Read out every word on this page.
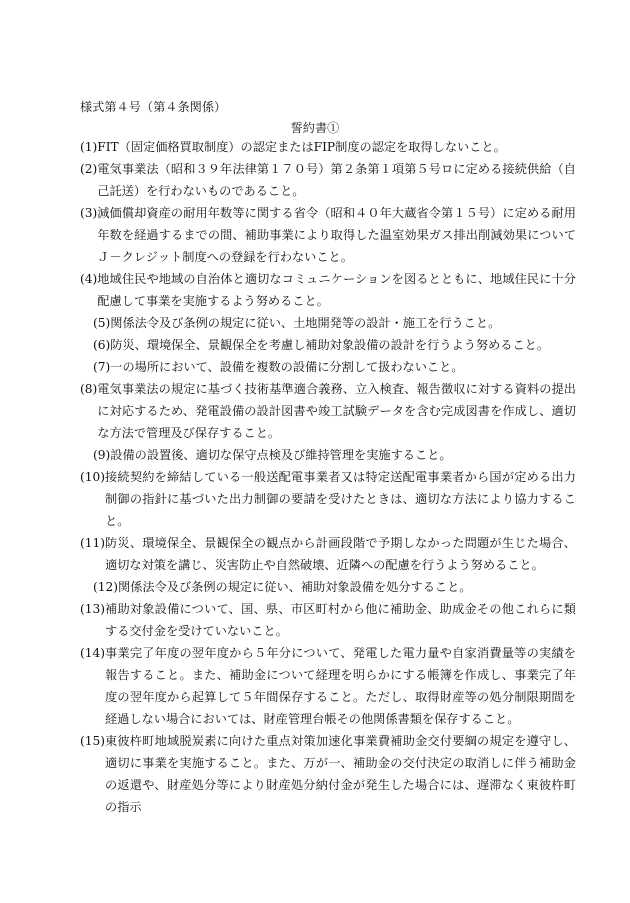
様式第４号（第４条関係）
誓約書①
(1) FIT（固定価格買取制度）の認定またはFIP制度の認定を取得しないこと。
(2) 電気事業法（昭和３９年法律第１７０号）第２条第１項第５号ロに定める接続供給（自己託送）を行わないものであること。
(3) 減価償却資産の耐用年数等に関する省令（昭和４０年大蔵省令第１５号）に定める耐用年数を経過するまでの間、補助事業により取得した温室効果ガス排出削減効果についてＪ－クレジット制度への登録を行わないこと。
(4) 地域住民や地域の自治体と適切なコミュニケーションを図るとともに、地域住民に十分配慮して事業を実施するよう努めること。
(5) 関係法令及び条例の規定に従い、土地開発等の設計・施工を行うこと。
(6) 防災、環境保全、景観保全を考慮し補助対象設備の設計を行うよう努めること。
(7) 一の場所において、設備を複数の設備に分割して扱わないこと。
(8) 電気事業法の規定に基づく技術基準適合義務、立入検査、報告徴収に対する資料の提出に対応するため、発電設備の設計図書や竣工試験データを含む完成図書を作成し、適切な方法で管理及び保存すること。
(9) 設備の設置後、適切な保守点検及び維持管理を実施すること。
(10) 接続契約を締結している一般送配電事業者又は特定送配電事業者から国が定める出力制御の指針に基づいた出力制御の要請を受けたときは、適切な方法により協力すること。
(11) 防災、環境保全、景観保全の観点から計画段階で予期しなかった問題が生じた場合、適切な対策を講じ、災害防止や自然破壊、近隣への配慮を行うよう努めること。
(12) 関係法令及び条例の規定に従い、補助対象設備を処分すること。
(13) 補助対象設備について、国、県、市区町村から他に補助金、助成金その他これらに類する交付金を受けていないこと。
(14) 事業完了年度の翌年度から５年分について、発電した電力量や自家消費量等の実績を報告すること。また、補助金について経理を明らかにする帳簿を作成し、事業完了年度の翌年度から起算して５年間保存すること。ただし、取得財産等の処分制限期間を経過しない場合においては、財産管理台帳その他関係書類を保存すること。
(15) 東彼杵町地域脱炭素に向けた重点対策加速化事業費補助金交付要綱の規定を遵守し、適切に事業を実施すること。また、万が一、補助金の交付決定の取消しに伴う補助金の返還や、財産処分等により財産処分納付金が発生した場合には、遅滞なく東彼杵町の指示
